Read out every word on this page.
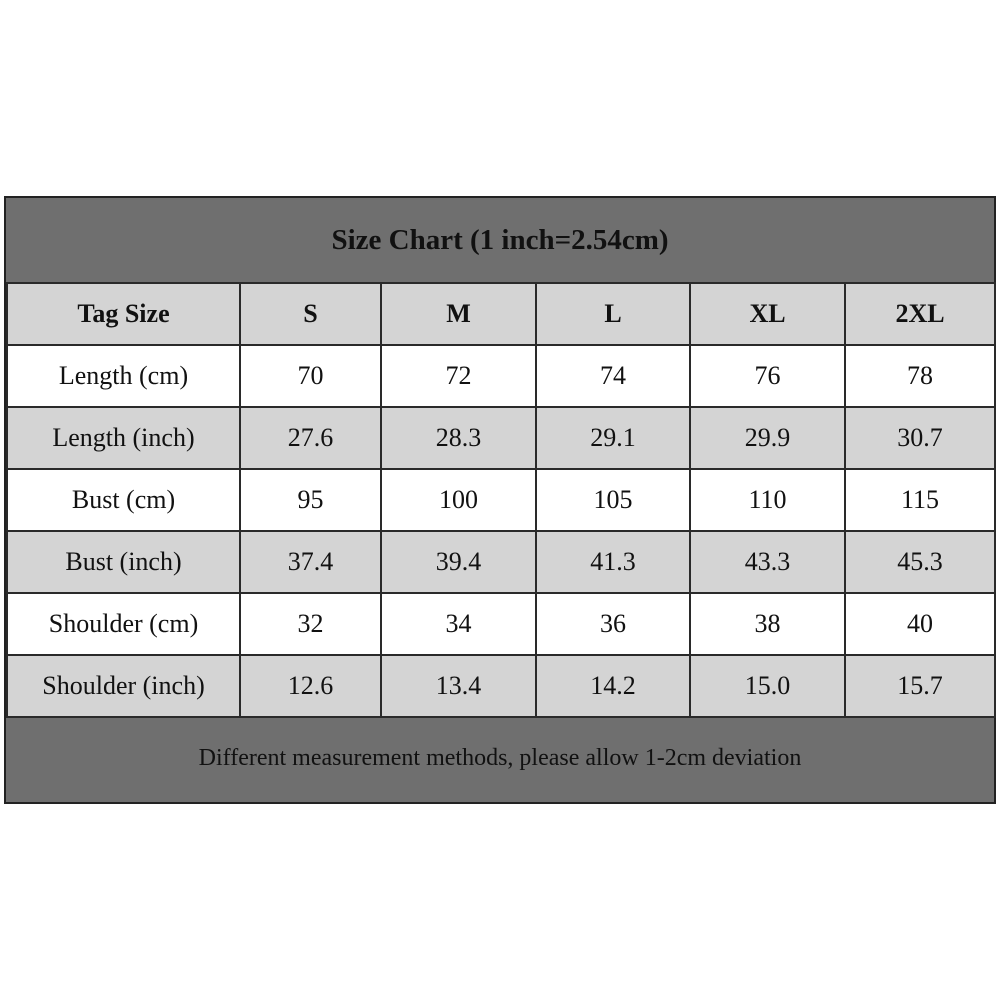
Size Chart (1 inch=2.54cm)
Tag Size	S	M	L	XL	2XL
Length (cm)	70	72	74	76	78
Length (inch)	27.6	28.3	29.1	29.9	30.7
Bust (cm)	95	100	105	110	115
Bust (inch)	37.4	39.4	41.3	43.3	45.3
Shoulder (cm)	32	34	36	38	40
Shoulder (inch)	12.6	13.4	14.2	15.0	15.7
Different measurement methods, please allow 1-2cm deviation
